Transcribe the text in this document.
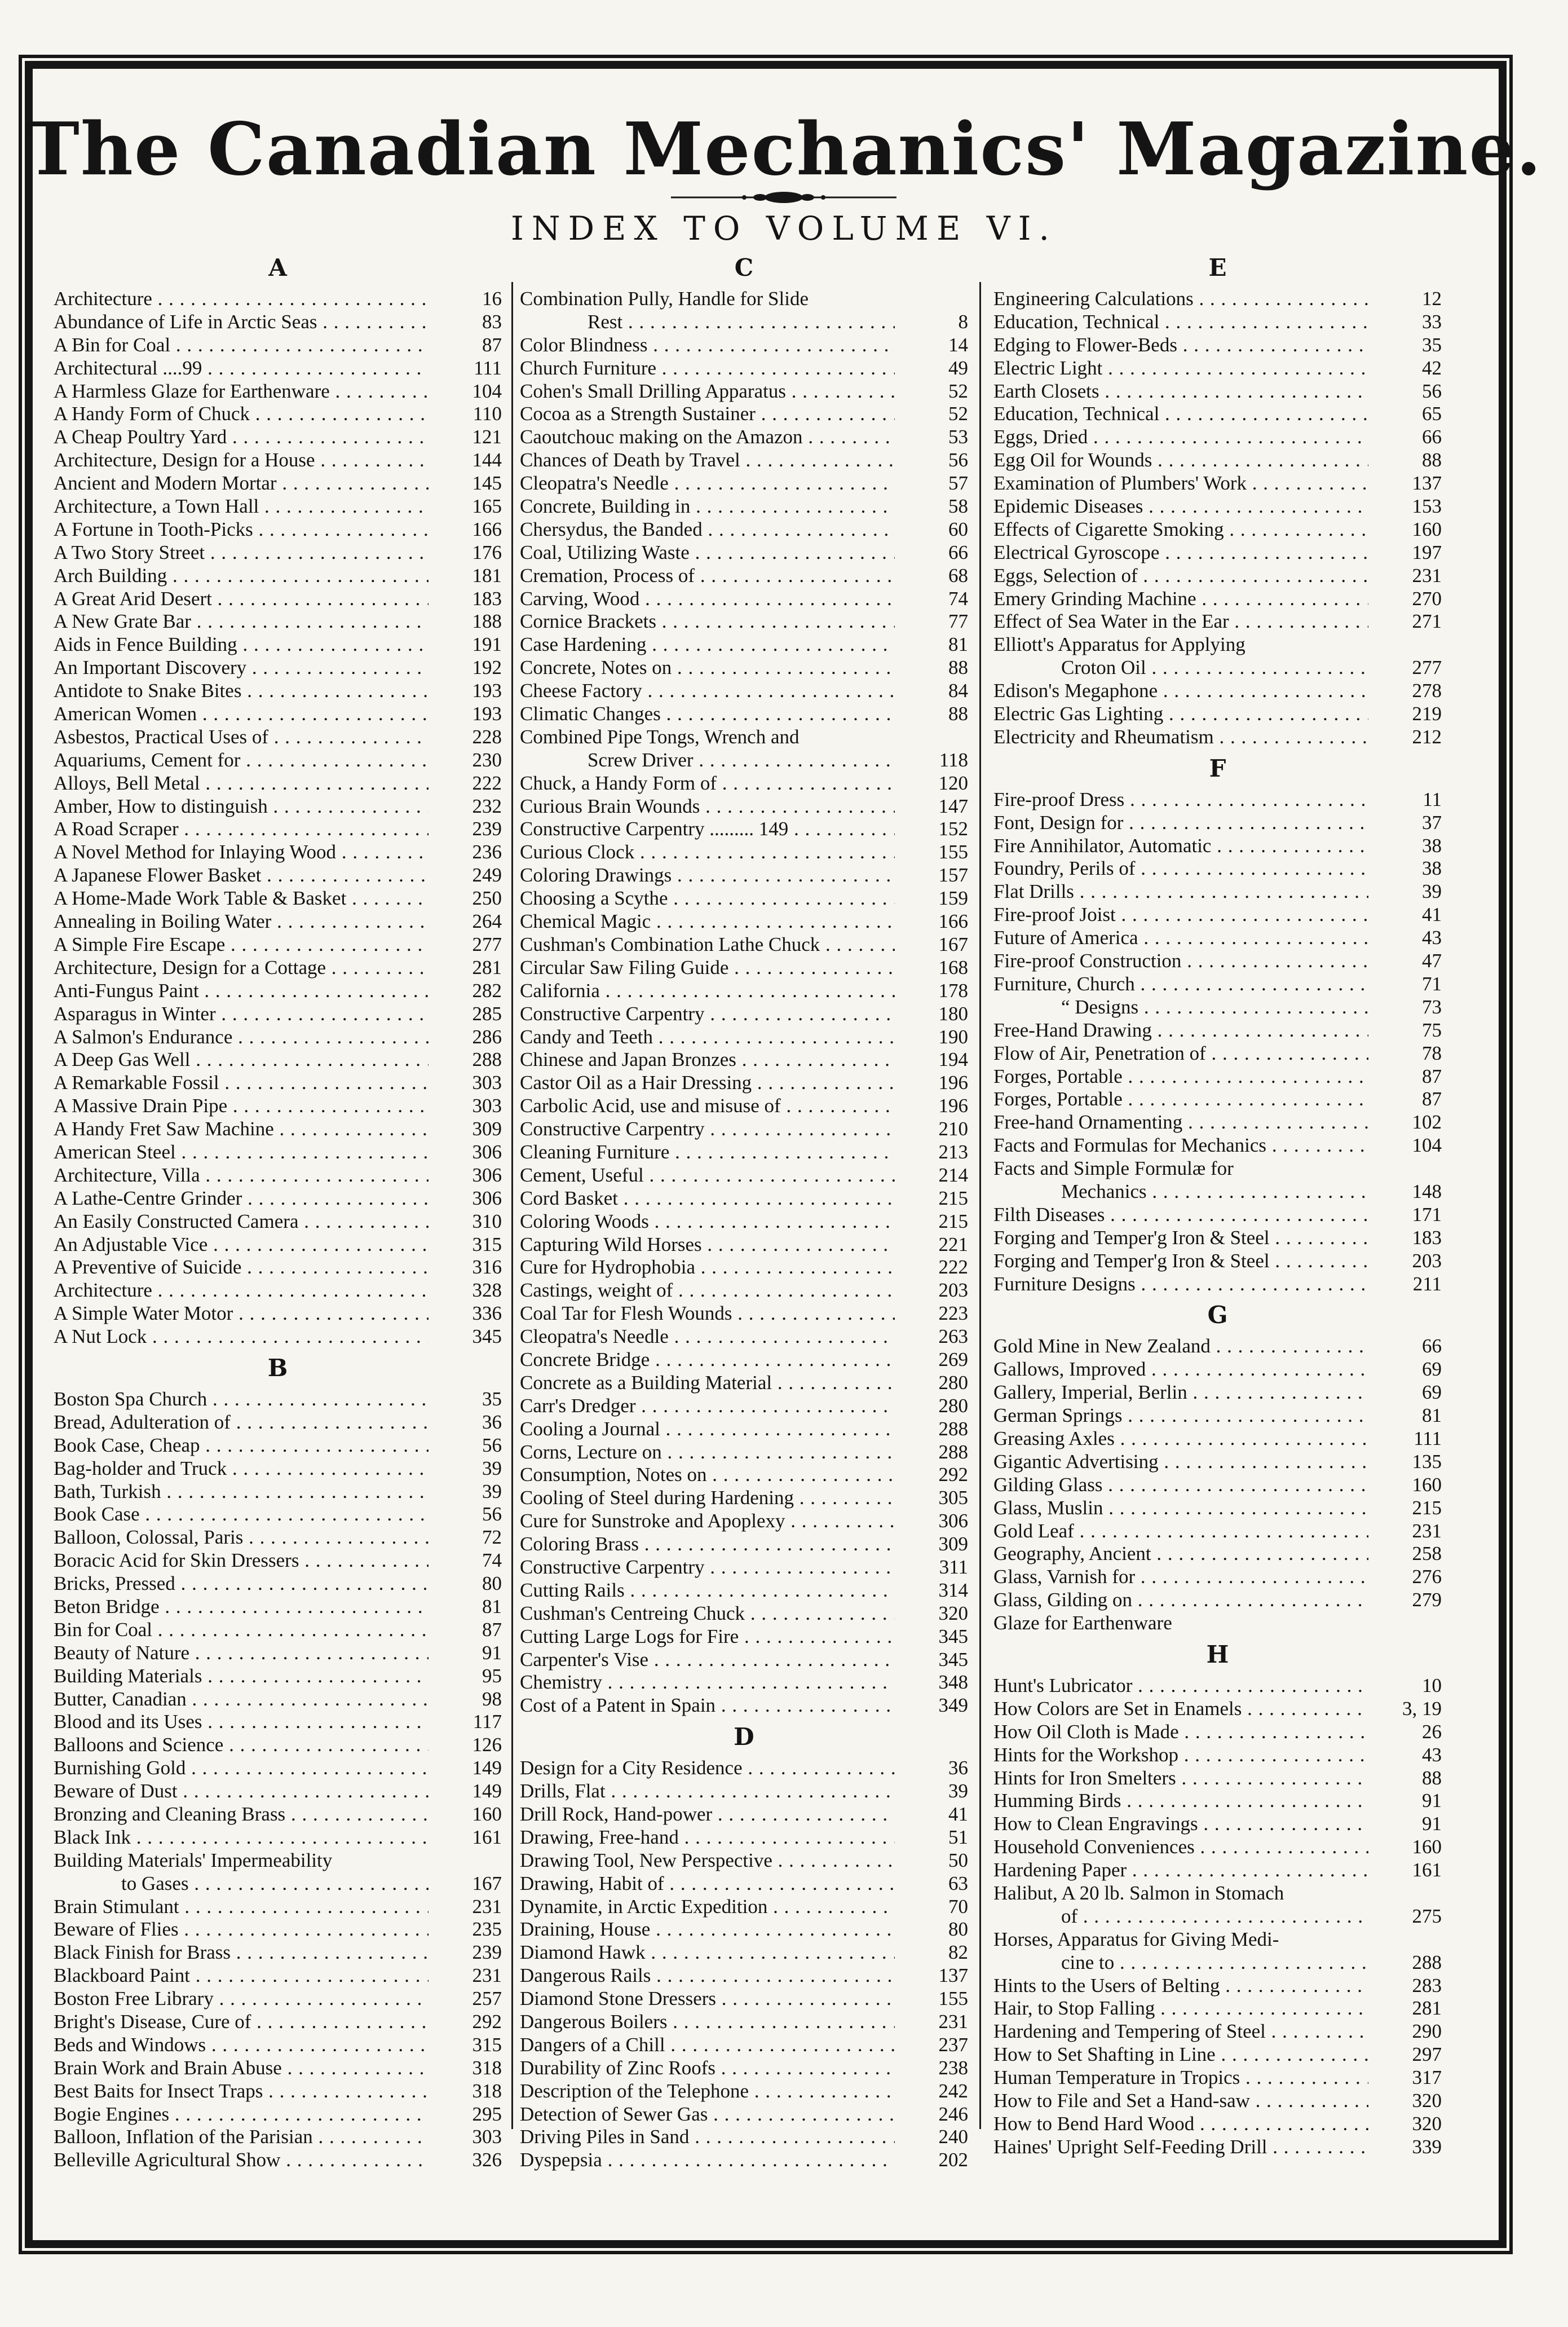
The Canadian Mechanics' Magazine.
INDEX TO VOLUME VI.
A
Architecture . . .	16
Abundance of Life in Arctic Seas . . .	83
A Bin for Coal . . .	87
Architectural ....99 . . .	111
A Harmless Glaze for Earthenware . . .	104
A Handy Form of Chuck . . .	110
A Cheap Poultry Yard . . .	121
Architecture, Design for a House . . .	144
Ancient and Modern Mortar . . .	145
Architecture, a Town Hall . . .	165
A Fortune in Tooth-Picks . . .	166
A Two Story Street . . .	176
Arch Building . . .	181
A Great Arid Desert . . .	183
A New Grate Bar . . .	188
Aids in Fence Building . . .	191
An Important Discovery . . .	192
Antidote to Snake Bites . . .	193
American Women . . .	193
Asbestos, Practical Uses of . . .	228
Aquariums, Cement for . . .	230
Alloys, Bell Metal . . .	222
Amber, How to distinguish . . .	232
A Road Scraper . . .	239
A Novel Method for Inlaying Wood . . .	236
A Japanese Flower Basket . . .	249
A Home-Made Work Table & Basket . . .	250
Annealing in Boiling Water . . .	264
A Simple Fire Escape . . .	277
Architecture, Design for a Cottage . . .	281
Anti-Fungus Paint . . .	282
Asparagus in Winter . . .	285
A Salmon's Endurance . . .	286
A Deep Gas Well . . .	288
A Remarkable Fossil . . .	303
A Massive Drain Pipe . . .	303
A Handy Fret Saw Machine . . .	309
American Steel . . .	306
Architecture, Villa . . .	306
A Lathe-Centre Grinder . . .	306
An Easily Constructed Camera . . .	310
An Adjustable Vice . . .	315
A Preventive of Suicide . . .	316
Architecture . . .	328
A Simple Water Motor . . .	336
A Nut Lock . . .	345
B
Boston Spa Church . . .	35
Bread, Adulteration of . . .	36
Book Case, Cheap . . .	56
Bag-holder and Truck . . .	39
Bath, Turkish . . .	39
Book Case . . .	56
Balloon, Colossal, Paris . . .	72
Boracic Acid for Skin Dressers . . .	74
Bricks, Pressed . . .	80
Beton Bridge . . .	81
Bin for Coal . . .	87
Beauty of Nature . . .	91
Building Materials . . .	95
Butter, Canadian . . .	98
Blood and its Uses . . .	117
Balloons and Science . . .	126
Burnishing Gold . . .	149
Beware of Dust . . .	149
Bronzing and Cleaning Brass . . .	160
Black Ink . . .	161
Building Materials' Impermeability
to Gases . . .	167
Brain Stimulant . . .	231
Beware of Flies . . .	235
Black Finish for Brass . . .	239
Blackboard Paint . . .	231
Boston Free Library . . .	257
Bright's Disease, Cure of . . .	292
Beds and Windows . . .	315
Brain Work and Brain Abuse . . .	318
Best Baits for Insect Traps . . .	318
Bogie Engines . . .	295
Balloon, Inflation of the Parisian . . .	303
Belleville Agricultural Show . . .	326
C
Combination Pully, Handle for Slide
Rest . . .	8
Color Blindness . . .	14
Church Furniture . . .	49
Cohen's Small Drilling Apparatus . . .	52
Cocoa as a Strength Sustainer . . .	52
Caoutchouc making on the Amazon . . .	53
Chances of Death by Travel . . .	56
Cleopatra's Needle . . .	57
Concrete, Building in . . .	58
Chersydus, the Banded . . .	60
Coal, Utilizing Waste . . .	66
Cremation, Process of . . .	68
Carving, Wood . . .	74
Cornice Brackets . . .	77
Case Hardening . . .	81
Concrete, Notes on . . .	88
Cheese Factory . . .	84
Climatic Changes . . .	88
Combined Pipe Tongs, Wrench and
Screw Driver . . .	118
Chuck, a Handy Form of . . .	120
Curious Brain Wounds . . .	147
Constructive Carpentry ......... 149 . . .	152
Curious Clock . . .	155
Coloring Drawings . . .	157
Choosing a Scythe . . .	159
Chemical Magic . . .	166
Cushman's Combination Lathe Chuck . . .	167
Circular Saw Filing Guide . . .	168
California . . .	178
Constructive Carpentry . . .	180
Candy and Teeth . . .	190
Chinese and Japan Bronzes . . .	194
Castor Oil as a Hair Dressing . . .	196
Carbolic Acid, use and misuse of . . .	196
Constructive Carpentry . . .	210
Cleaning Furniture . . .	213
Cement, Useful . . .	214
Cord Basket . . .	215
Coloring Woods . . .	215
Capturing Wild Horses . . .	221
Cure for Hydrophobia . . .	222
Castings, weight of . . .	203
Coal Tar for Flesh Wounds . . .	223
Cleopatra's Needle . . .	263
Concrete Bridge . . .	269
Concrete as a Building Material . . .	280
Carr's Dredger . . .	280
Cooling a Journal . . .	288
Corns, Lecture on . . .	288
Consumption, Notes on . . .	292
Cooling of Steel during Hardening . . .	305
Cure for Sunstroke and Apoplexy . . .	306
Coloring Brass . . .	309
Constructive Carpentry . . .	311
Cutting Rails . . .	314
Cushman's Centreing Chuck . . .	320
Cutting Large Logs for Fire . . .	345
Carpenter's Vise . . .	345
Chemistry . . .	348
Cost of a Patent in Spain . . .	349
D
Design for a City Residence . . .	36
Drills, Flat . . .	39
Drill Rock, Hand-power . . .	41
Drawing, Free-hand . . .	51
Drawing Tool, New Perspective . . .	50
Drawing, Habit of . . .	63
Dynamite, in Arctic Expedition . . .	70
Draining, House . . .	80
Diamond Hawk . . .	82
Dangerous Rails . . .	137
Diamond Stone Dressers . . .	155
Dangerous Boilers . . .	231
Dangers of a Chill . . .	237
Durability of Zinc Roofs . . .	238
Description of the Telephone . . .	242
Detection of Sewer Gas . . .	246
Driving Piles in Sand . . .	240
Dyspepsia . . .	202
E
Engineering Calculations . . .	12
Education, Technical . . .	33
Edging to Flower-Beds . . .	35
Electric Light . . .	42
Earth Closets . . .	56
Education, Technical . . .	65
Eggs, Dried . . .	66
Egg Oil for Wounds . . .	88
Examination of Plumbers' Work . . .	137
Epidemic Diseases . . .	153
Effects of Cigarette Smoking . . .	160
Electrical Gyroscope . . .	197
Eggs, Selection of . . .	231
Emery Grinding Machine . . .	270
Effect of Sea Water in the Ear . . .	271
Elliott's Apparatus for Applying
Croton Oil . . .	277
Edison's Megaphone . . .	278
Electric Gas Lighting . . .	219
Electricity and Rheumatism . . .	212
F
Fire-proof Dress . . .	11
Font, Design for . . .	37
Fire Annihilator, Automatic . . .	38
Foundry, Perils of . . .	38
Flat Drills . . .	39
Fire-proof Joist . . .	41
Future of America . . .	43
Fire-proof Construction . . .	47
Furniture, Church . . .	71
“ Designs . . .	73
Free-Hand Drawing . . .	75
Flow of Air, Penetration of . . .	78
Forges, Portable . . .	87
Forges, Portable . . .	87
Free-hand Ornamenting . . .	102
Facts and Formulas for Mechanics . . .	104
Facts and Simple Formulæ for
Mechanics . . .	148
Filth Diseases . . .	171
Forging and Temper'g Iron & Steel . . .	183
Forging and Temper'g Iron & Steel . . .	203
Furniture Designs . . .	211
G
Gold Mine in New Zealand . . .	66
Gallows, Improved . . .	69
Gallery, Imperial, Berlin . . .	69
German Springs . . .	81
Greasing Axles . . .	111
Gigantic Advertising . . .	135
Gilding Glass . . .	160
Glass, Muslin . . .	215
Gold Leaf . . .	231
Geography, Ancient . . .	258
Glass, Varnish for . . .	276
Glass, Gilding on . . .	279
Glaze for Earthenware
H
Hunt's Lubricator . . .	10
How Colors are Set in Enamels . . .	3, 19
How Oil Cloth is Made . . .	26
Hints for the Workshop . . .	43
Hints for Iron Smelters . . .	88
Humming Birds . . .	91
How to Clean Engravings . . .	91
Household Conveniences . . .	160
Hardening Paper . . .	161
Halibut, A 20 lb. Salmon in Stomach
of . . .	275
Horses, Apparatus for Giving Medi-
cine to . . .	288
Hints to the Users of Belting . . .	283
Hair, to Stop Falling . . .	281
Hardening and Tempering of Steel . . .	290
How to Set Shafting in Line . . .	297
Human Temperature in Tropics . . .	317
How to File and Set a Hand-saw . . .	320
How to Bend Hard Wood . . .	320
Haines' Upright Self-Feeding Drill . . .	339
